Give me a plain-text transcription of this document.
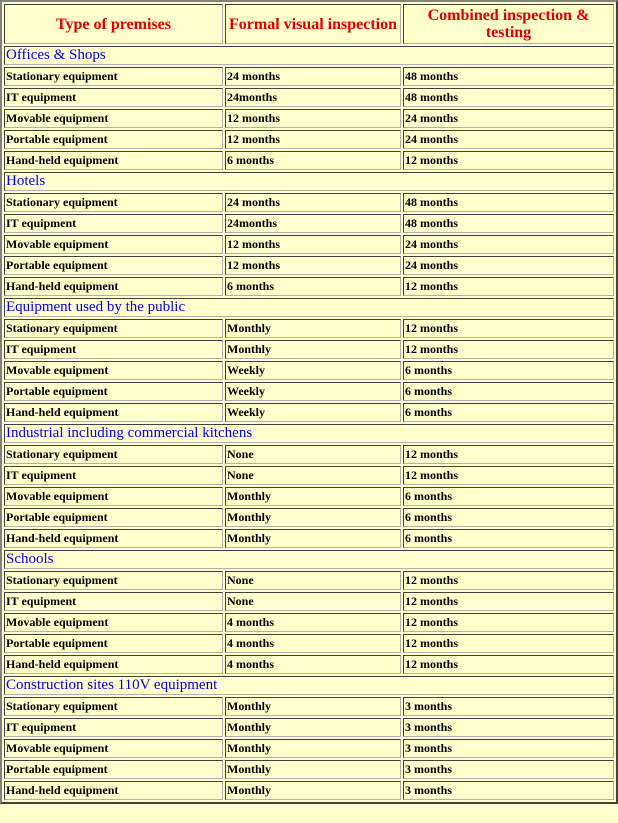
Type of premises	Formal visual inspection	Combined inspection & testing
Offices & Shops		
Stationary equipment	24 months	48 months
IT equipment	24months	48 months
Movable equipment	12 months	24 months
Portable equipment	12 months	24 months
Hand-held equipment	6 months	12 months
Hotels		
Stationary equipment	24 months	48 months
IT equipment	24months	48 months
Movable equipment	12 months	24 months
Portable equipment	12 months	24 months
Hand-held equipment	6 months	12 months
Equipment used by the public		
Stationary equipment	Monthly	12 months
IT equipment	Monthly	12 months
Movable equipment	Weekly	6 months
Portable equipment	Weekly	6 months
Hand-held equipment	Weekly	6 months
Industrial including commercial kitchens		
Stationary equipment	None	12 months
IT equipment	None	12 months
Movable equipment	Monthly	6 months
Portable equipment	Monthly	6 months
Hand-held equipment	Monthly	6 months
Schools		
Stationary equipment	None	12 months
IT equipment	None	12 months
Movable equipment	4 months	12 months
Portable equipment	4 months	12 months
Hand-held equipment	4 months	12 months
Construction sites 110V equipment		
Stationary equipment	Monthly	3 months
IT equipment	Monthly	3 months
Movable equipment	Monthly	3 months
Portable equipment	Monthly	3 months
Hand-held equipment	Monthly	3 months
